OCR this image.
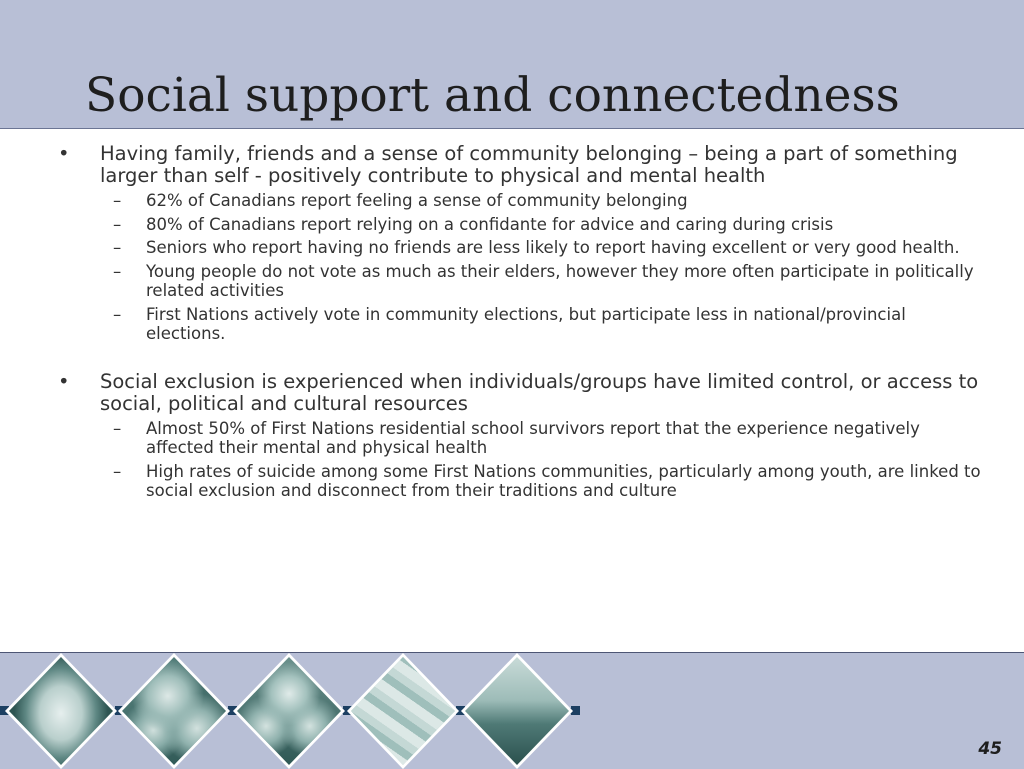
Social support and connectedness
• Having family, friends and a sense of community belonging – being a part of something larger than self - positively contribute to physical and mental health
– 62% of Canadians report feeling a sense of community belonging
– 80% of Canadians report relying on a confidante for advice and caring during crisis
– Seniors who report having no friends are less likely to report having excellent or very good health.
– Young people do not vote as much as their elders, however they more often participate in politically related activities
– First Nations actively vote in community elections, but participate less in national/provincial elections.
• Social exclusion is experienced when individuals/groups have limited control, or access to social, political and cultural resources
– Almost 50% of First Nations residential school survivors report that the experience negatively affected their mental and physical health
– High rates of suicide among some First Nations communities, particularly among youth, are linked to social exclusion and disconnect from their traditions and culture

45
